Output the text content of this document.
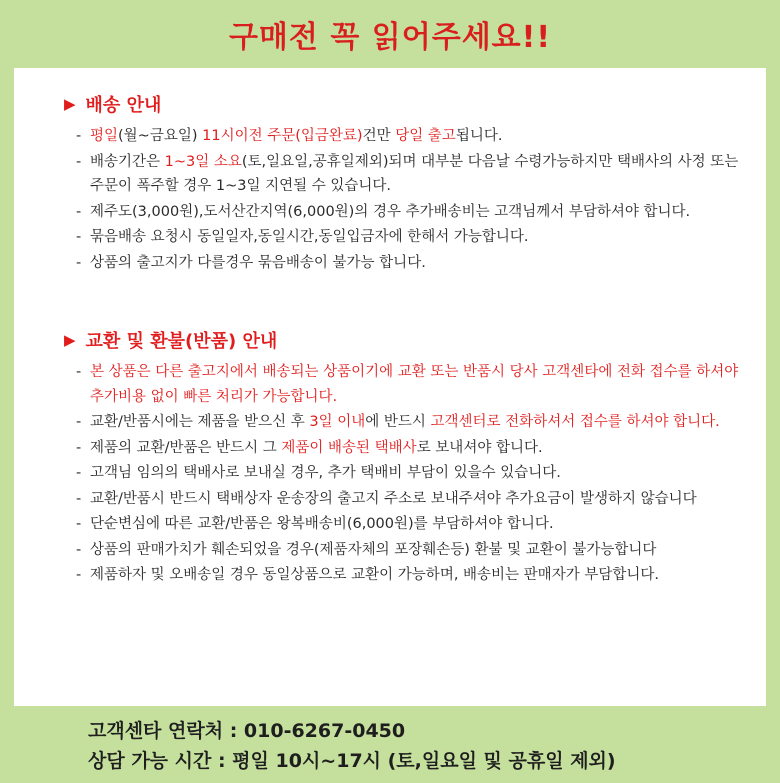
구매전 꼭 읽어주세요!!
▶ 배송 안내
- 평일(월~금요일) 11시이전 주문(입금완료)건만 당일 출고됩니다.
- 배송기간은 1~3일 소요(토,일요일,공휴일제외)되며 대부분 다음날 수령가능하지만 택배사의 사정 또는 주문이 폭주할 경우 1~3일 지연될 수 있습니다.
- 제주도(3,000원),도서산간지역(6,000원)의 경우 추가배송비는 고객님께서 부담하셔야 합니다.
- 묶음배송 요청시 동일일자,동일시간,동일입금자에 한해서 가능합니다.
- 상품의 출고지가 다를경우 묶음배송이 불가능 합니다.
▶ 교환 및 환불(반품) 안내
- 본 상품은 다른 출고지에서 배송되는 상품이기에 교환 또는 반품시 당사 고객센타에 전화 접수를 하셔야 추가비용 없이 빠른 처리가 가능합니다.
- 교환/반품시에는 제품을 받으신 후 3일 이내에 반드시 고객센터로 전화하셔서 접수를 하셔야 합니다.
- 제품의 교환/반품은 반드시 그 제품이 배송된 택배사로 보내셔야 합니다.
- 고객님 임의의 택배사로 보내실 경우, 추가 택배비 부담이 있을수 있습니다.
- 교환/반품시 반드시 택배상자 운송장의 출고지 주소로 보내주셔야 추가요금이 발생하지 않습니다
- 단순변심에 따른 교환/반품은 왕복배송비(6,000원)를 부담하셔야 합니다.
- 상품의 판매가치가 훼손되었을 경우(제품자체의 포장훼손등) 환불 및 교환이 불가능합니다
- 제품하자 및 오배송일 경우 동일상품으로 교환이 가능하며, 배송비는 판매자가 부담합니다.
고객센타 연락처 : 010-6267-0450
상담 가능 시간 : 평일 10시~17시 (토,일요일 및 공휴일 제외)
